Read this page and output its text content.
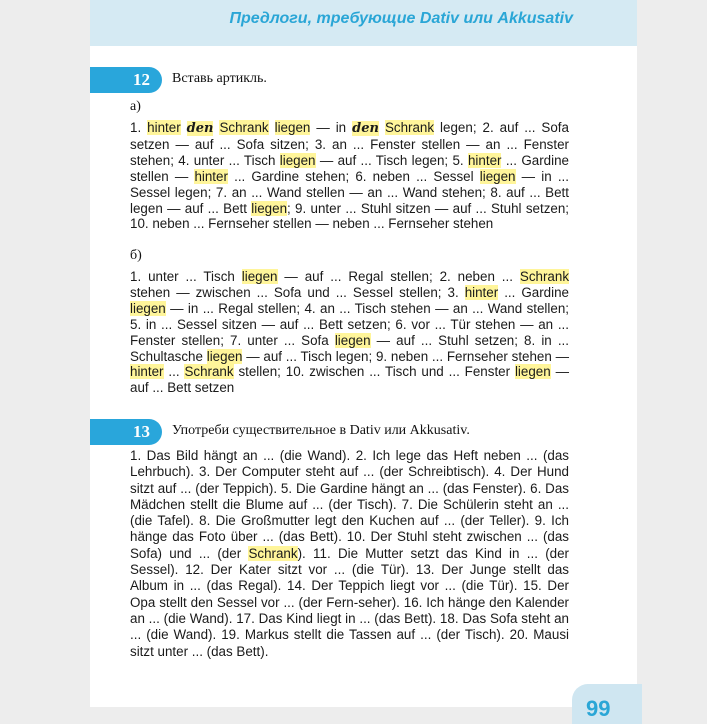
Предлоги, требующие Dativ или Akkusativ
12	Вставь артикль.
а)

1. hinter den Schrank liegen — in den Schrank legen; 2. auf ... Sofa setzen — auf ... Sofa sitzen; 3. an ... Fenster stellen — an ... Fenster stehen; 4. unter ... Tisch liegen — auf ... Tisch legen; 5. hinter ... Gardine stellen — hinter ... Gardine stehen; 6. neben ... Sessel liegen — in ... Sessel legen; 7. an ... Wand stellen — an ... Wand stehen; 8. auf ... Bett legen — auf ... Bett liegen; 9. unter ... Stuhl sitzen — auf ... Stuhl setzen; 10. neben ... Fernseher stellen — neben ... Fernseher stehen

б)

1. unter ... Tisch liegen — auf ... Regal stellen; 2. neben ... Schrank stehen — zwischen ... Sofa und ... Sessel stellen; 3. hinter ... Gardine liegen — in ... Regal stellen; 4. an ... Tisch stehen — an ... Wand stellen; 5. in ... Sessel sitzen — auf ... Bett setzen; 6. vor ... Tür stehen — an ... Fenster stellen; 7. unter ... Sofa liegen — auf ... Stuhl setzen; 8. in ... Schultasche liegen — auf ... Tisch legen; 9. neben ... Fernseher stehen — hinter ... Schrank stellen; 10. zwischen ... Tisch und ... Fenster liegen — auf ... Bett setzen

13	Употреби существительное в Dativ или Akkusativ.

1. Das Bild hängt an ... (die Wand). 2. Ich lege das Heft neben ... (das Lehrbuch). 3. Der Computer steht auf ... (der Schreibtisch). 4. Der Hund sitzt auf ... (der Teppich). 5. Die Gardine hängt an ... (das Fenster). 6. Das Mädchen stellt die Blume auf ... (der Tisch). 7. Die Schülerin steht an ... (die Tafel). 8. Die Großmutter legt den Kuchen auf ... (der Teller). 9. Ich hänge das Foto über ... (das Bett). 10. Der Stuhl steht zwischen ... (das Sofa) und ... (der Schrank). 11. Die Mutter setzt das Kind in ... (der Sessel). 12. Der Kater sitzt vor ... (die Tür). 13. Der Junge stellt das Album in ... (das Regal). 14. Der Teppich liegt vor ... (die Tür). 15. Der Opa stellt den Sessel vor ... (der Fern-seher). 16. Ich hänge den Kalender an ... (die Wand). 17. Das Kind liegt in ... (das Bett). 18. Das Sofa steht an ... (die Wand). 19. Markus stellt die Tassen auf ... (der Tisch). 20. Mausi sitzt unter ... (das Bett).

99
